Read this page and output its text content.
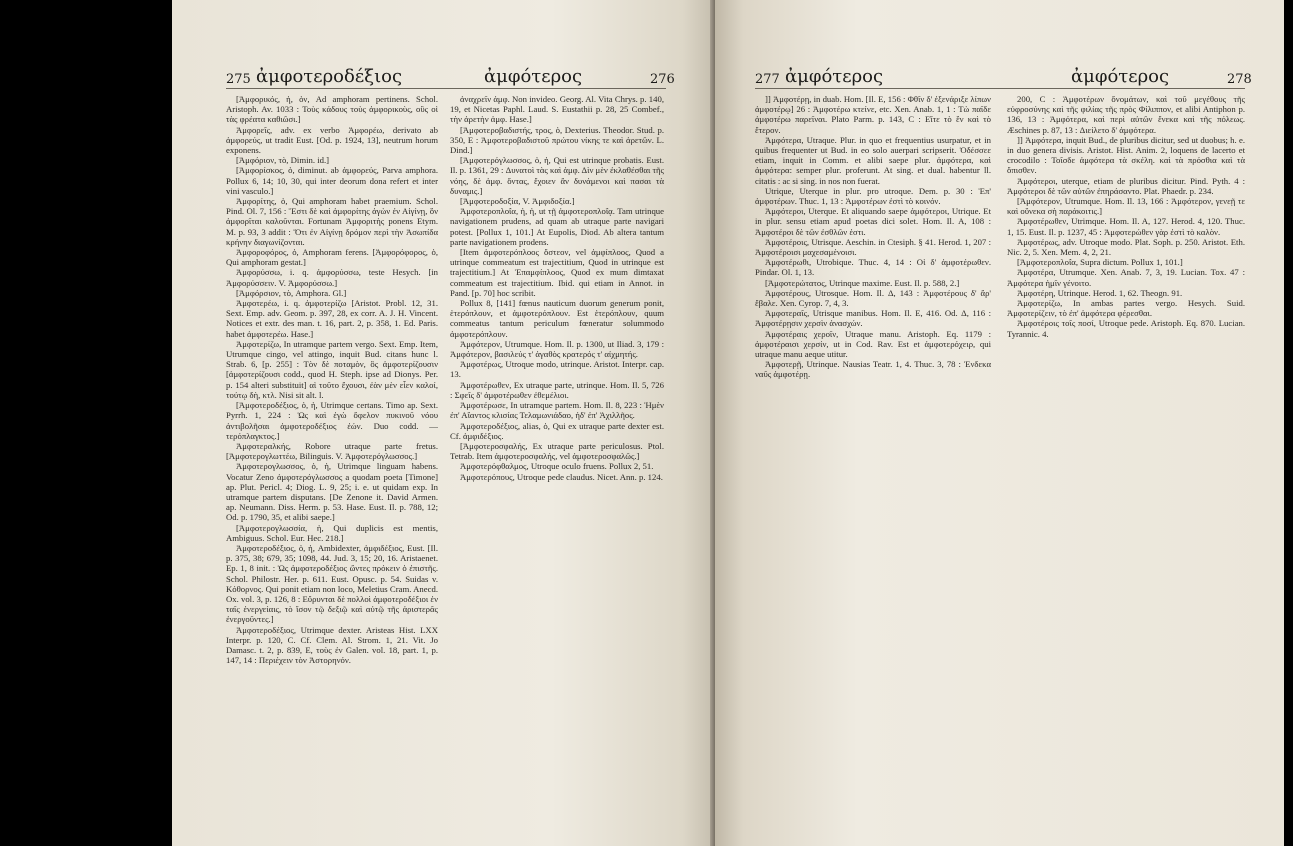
275 ἀμφοτεροδέξιος	ἀμφότερος	276

[Ἀμφορικός, ἡ, ὁν, Ad amphoram pertinens. Schol. Aristoph. Av. 1033 : Τοὺς κάδους τοὺς ἀμφορικοὺς, οὓς οἱ τὰς φρέατα καθιῶσι.]

Ἀμφορεῖς, adv. ex verbo Ἀμφορέω, derivato ab ἀμφορεύς, ut tradit Eust. [Od. p. 1924, 13], neutrum horum exponens.

[Ἀμφόριον, τὸ, Dimin. id.]

[Ἀμφορίσκος, ὁ, diminut. ab ἀμφορεύς, Parva amphora. Pollux 6, 14; 10, 30, qui inter deorum dona refert et inter vini vasculo.]

Ἀμφορίτης, ὁ, Qui amphoram habet praemium. Schol. Pind. Ol. 7, 156 : Ἔστι δὲ καὶ ἀμφορίτης ἀγὼν ἐν Αἰγίνῃ, ὃν ἀμφορῖται καλοῦνται. Fortunam Ἀμφοριτὴς ponens Etym. M. p. 93, 3 addit : Ὅτι ἐν Αἰγίνῃ δρόμον περὶ τὴν Ἀσωπίδα κρήνην διαγωνίζονται.

Ἀμφοροφόρος, ὁ, Amphoram ferens. [Ἀμφορόφορος, ὁ, Qui amphoram gestat.]

Ἀμφορύσσω, i. q. ἀμφορύσσω, teste Hesych. [in Ἀμφορύσσειν. V. Ἀμφορύσσω.]

[Ἀμφόρσιον, τὸ, Amphora. Gl.]

Ἀμφοτερέω, i. q. ἀμφοτερίζω [Aristot. Probl. 12, 31. Sext. Emp. adv. Geom. p. 397, 28, ex corr. A. J. H. Vincent. Notices et extr. des man. t. 16, part. 2, p. 358, 1. Ed. Paris. habet ἀμφοτερέω. Hase.]

Ἀμφοτερίζω, In utramque partem vergo. Sext. Emp. Item, Utrumque cingo, vel attingo, inquit Bud. citans hunc l. Strab. 6, [p. 255] : Τὸν δὲ ποταμὸν, ὃς ἀμφοτερίζουσιν [ἀμφοτερίζουσι codd., quod H. Steph. ipse ad Dionys. Per. p. 154 alteri substituit] αἱ τοῦτο ἔχουσι, ἐὰν μὲν εἶεν καλοί, τούτῳ δὴ, κτλ. Nisi sit alt. l.

[Ἀμφοτεροδέξιος, ὁ, ἡ, Utrimque certans. Timo ap. Sext. Pyrrh. 1, 224 : Ὡς καὶ ἐγὼ ὄφελον πυκινοῦ νόου ἀντιβολῆσαι ἀμφοτεροδέξιος ἐών. Duo codd. —τερόπλαγκτος.]

Ἀμφοτεραλκής, Robore utraque parte fretus. [Ἀμφοτερογλωττέω, Bilinguis. V. Ἀμφοτερόγλωσσος.]

Ἀμφοτερογλωσσος, ὁ, ἡ, Utrimque linguam habens. Vocatur Zeno ἀμφοτερόγλωσσος a quodam poeta [Timone] ap. Plut. Pericl. 4; Diog. L. 9, 25; i. e. ut quidam exp. In utramque partem disputans. [De Zenone it. David Armen. ap. Neumann. Diss. Herm. p. 53. Hase. Eust. Il. p. 788, 12; Od. p. 1790, 35, et alibi saepe.]

[Ἀμφοτερογλωσσία, ἡ, Qui duplicis est mentis, Ambiguus. Schol. Eur. Hec. 218.]

Ἀμφοτεροδέξιος, ὁ, ἡ, Ambidexter, ἀμφιδέξιος, Eust. [Il. p. 375, 38; 679, 35; 1098, 44. Jud. 3, 15; 20, 16. Aristaenet. Ep. 1, 8 init. : Ὡς ἀμφοτεροδέξιος ὤντες πρόκειν ὁ ἐπιστῆς. Schol. Philostr. Her. p. 611. Eust. Opusc. p. 54. Suidas v. Κόθορνος. Qui ponit etiam non loco, Meletius Cram. Anecd. Ox. vol. 3, p. 126, 8 : Εὔρυνται δὲ πολλοὶ ἀμφοτεροδέξιοι ἐν ταῖς ἐνεργείαις, τὸ ἴσον τῷ δεξιῷ καὶ αὐτῷ τῆς ἀριστερᾶς ἐνεργοῦντες.]

Ἀμφοτεροδέξιος, Utrimque dexter. Aristeas Hist. LXX Interpr. p. 120, C. Cf. Clem. Al. Strom. 1, 21. Vit. Jo Damasc. t. 2, p. 839, E, τοὺς ἐν Galen. vol. 18, part. 1, p. 147, 14 : Περιέχειν τὸν Ἀστορηνόν.

ἀναχρεῖν ἀμφ. Non invideo. Georg. Al. Vita Chrys. p. 140, 19, et Nicetas Paphl. Laud. S. Eustathii p. 28, 25 Combef., τὴν ἀρετὴν ἀμφ. Hase.]

[Ἀμφοτεροβαδιστής, τρος, ὁ, Dexterius. Theodor. Stud. p. 350, E : Ἀμφοτεροβαδιστοῦ πρώτου νίκης τε καὶ ἀρετῶν. L. Dind.]

[Ἀμφοτερόγλωσσος, ὁ, ἡ, Qui est utrinque probatis. Eust. Il. p. 1361, 29 : Δυνατοὶ τὰς καὶ ἀμφ. Δὶν μὲν ἐκλαθέσθαι τῆς νόης, δὲ ἀμφ. ὄντας, ἔχοιεν ἂν δυνάμενοι καὶ πασαι τὰ δυναμις.]

[Ἀμφοτεροδοξία, V. Ἀμφιδοξία.]

Ἀμφοτεροπλοΐα, ἡ, ἡ, ut τῇ ἀμφοτεροπλοΐᾳ. Tam utrinque navigationem prudens, ad quam ab utraque parte navigari potest. [Pollux 1, 101.] At Eupolis, Diod. Ab altera tantum parte navigationem prodens.

[Item ἀμφοτερόπλοος ὄστεον, vel ἀμφίπλοος, Quod a utrinque commeatum est trajectitium, Quod in utrinque est trajectitium.] At Ἐπαμφίπλοος, Quod ex mum dimtaxat commeatum est trajectitium. Ibid. qui etiam in Annot. in Pand. [p. 70] hoc scribit.

Pollux 8, [141] fœnus nauticum duorum generum ponit, ἑτερόπλουν, et ἀμφοτερόπλουν. Est ἑτερόπλουν, quum commeatus tantum periculum fœneratur solummodo ἀμφοτερόπλουν.

Ἀμφότερον, Utrumque. Hom. Il. p. 1300, ut Iliad. 3, 179 : Ἀμφότερον, βασιλεύς τ' ἀγαθὸς κρατερός τ' αἰχμητής.

Ἀμφοτέρως, Utroque modo, utrinque. Aristot. Interpr. cap. 13.

Ἀμφοτέρωθεν, Ex utraque parte, utrinque. Hom. Il. 5, 726 : Σφεῖς δ' ἀμφοτέρωθεν ἐθεμέλιοι.

Ἀμφοτέρωσε, In utramque partem. Hom. Il. 8, 223 : Ἠμὲν ἐπ' Αἴαντος κλισίας Τελαμωνιάδαο, ἠδ' ἐπ' Ἀχιλλῆος.

Ἀμφοτεροδέξιος, alias, ὁ, Qui ex utraque parte dexter est. Cf. ἀμφιδέξιος.

[Ἀμφοτεροσφαλής, Ex utraque parte periculosus. Ptol. Tetrab. Item ἀμφοτεροσφαλής, vel ἀμφοτεροσφαλῶς.]

Ἀμφοτερόφθαλμος, Utroque oculo fruens. Pollux 2, 51.

Ἀμφοτερόπους, Utroque pede claudus. Nicet. Ann. p. 124.

277 ἀμφότερος	ἀμφότερος	278

]] Ἀμφοτέρῃ, in duab. Hom. [Il. E, 156 : Φθῖν δ' ἐξενάριξε λίπων ἀμφοτέρῳ] 26 : Ἀμφοτέρω κτείνε, etc. Xen. Anab. 1, 1 : Τὼ παῖδε ἀμφοτέρω παρεῖναι. Plato Parm. p. 143, C : Εἴτε τὸ ἓν καὶ τὸ ἕτερον.

Ἀμφότερα, Utraque. Plur. in quo et frequentius usurpatur, et in quibus frequenter ut Bud. in eo solo auerpari scripserit. Ὁδέσσεε etiam, inquit in Comm. et alibi saepe plur. ἀμφότερα, καὶ ἀμφότερα: semper plur. proferunt. At sing. et dual. habentur ll. citatis : ac si sing. in nos non fuerat.

Utrique, Uterque in plur. pro utroque. Dem. p. 30 : Ἐπ' ἀμφοτέρων. Thuc. 1, 13 : Ἀμφοτέρων ἐστὶ τὸ κοινόν.

Ἀμφότεροι, Uterque. Et aliquando saepe ἀμφότεροι, Utrique. Et in plur. sensu etiam apud poetas dici solet. Hom. Il. A, 108 : Ἀμφοτέροι δὲ τῶν ἐσθλῶν ἐστι.

Ἀμφοτέροις, Utrisque. Aeschin. in Ctesiph. § 41. Herod. 1, 207 : Ἀμφοτέροισι μαχεσαμένοισι.

Ἀμφοτέρωθι, Utrobique. Thuc. 4, 14 : Οἱ δ' ἀμφοτέρωθεν. Pindar. Ol. 1, 13.

[Ἀμφοτερώτατος, Utrinque maxime. Eust. Il. p. 588, 2.]

Ἀμφοτέρους, Utrosque. Hom. Il. Δ, 143 : Ἀμφοτέρους δ' ἄρ' ἔβαλε. Xen. Cyrop. 7, 4, 3.

Ἀμφοτεραῖς, Utrisque manibus. Hom. Il. E, 416. Od. Δ, 116 : Ἀμφοτέρῃσιν χερσὶν ἀνασχών.

Ἀμφοτέραις χεροῖν, Utraque manu. Aristoph. Eq. 1179 : ἀμφοτέραισι χερσίν, ut in Cod. Rav. Est et ἀμφοτερόχειρ, qui utraque manu aeque utitur.

Ἀμφοτερῇ, Utrinque. Nausias Teatr. 1, 4. Thuc. 3, 78 : Ἐνδεκα ναῦς ἀμφοτέρῃ.

200, C : Ἀμφοτέρων ὄνομάτων, καὶ τοῦ μεγέθους τῆς εὐφροσύνης καὶ τῆς φιλίας τῆς πρὸς Φίλιππον, et alibi Antiphon p. 136, 13 : Ἀμφότερα, καὶ περὶ αὐτῶν ἕνεκα καὶ τῆς πόλεως. Æschines p. 87, 13 : Διείλετο δ' ἀμφότερα.

]] Ἀμφότερα, inquit Bud., de pluribus dicitur, sed ut duobus; h. e. in duo genera divisis. Aristot. Hist. Anim. 2, loquens de lacerto et crocodilo : Τοῖσδε ἀμφότερα τὰ σκέλη. καὶ τὰ πρόσθια καὶ τὰ ὄπισθεν.

Ἀμφότεροι, uterque, etiam de pluribus dicitur. Pind. Pyth. 4 : Ἀμφότεροι δὲ τῶν αὐτῶν ἐπηράσαντο. Plat. Phaedr. p. 234.

[Ἀμφότερον, Utrumque. Hom. Il. 13, 166 : Ἀμφότερον, γενεῇ τε καὶ οὕνεκα σὴ παράκοιτις.]

Ἀμφοτέρωθεν, Utrimque. Hom. Il. A, 127. Herod. 4, 120. Thuc. 1, 15. Eust. Il. p. 1237, 45 : Ἀμφοτερώθεν γὰρ ἐστὶ τὸ καλὸν.

Ἀμφοτέρως, adv. Utroque modo. Plat. Soph. p. 250. Aristot. Eth. Nic. 2, 5. Xen. Mem. 4, 2, 21.

[Ἀμφοτεροπλοΐα, Supra dictum. Pollux 1, 101.]

Ἀμφοτέρα, Utrumque. Xen. Anab. 7, 3, 19. Lucian. Tox. 47 : Ἀμφότερα ἡμῖν γένοιτο.

Ἀμφοτέρη, Utrinque. Herod. 1, 62. Theogn. 91.

Ἀμφοτερίζω, In ambas partes vergo. Hesych. Suid. Ἀμφοτερίζειν, τὸ ἐπ' ἀμφότερα φέρεσθαι.

Ἀμφοτέροις τοῖς ποσί, Utroque pede. Aristoph. Eq. 870. Lucian. Tyrannic. 4.
